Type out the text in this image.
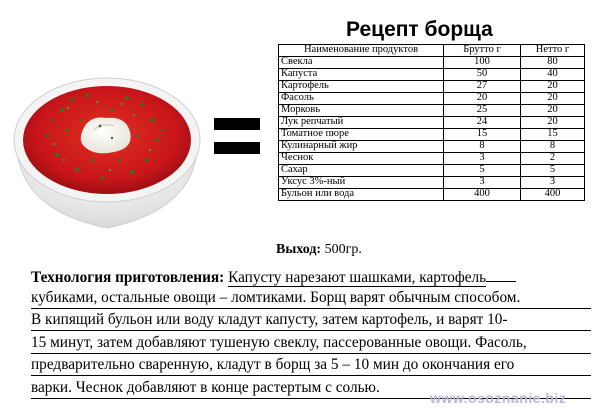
Рецепт борща
Наименование продуктов	Брутто г	Нетто г
Свекла	100	80
Капуста	50	40
Картофель	27	20
Фасоль	20	20
Морковь	25	20
Лук репчатый	24	20
Томатное пюре	15	15
Кулинарный жир	8	8
Чеснок	3	2
Сахар	5	5
Уксус 3%-ный	3	3
Бульон или вода	400	400
Выход: 500гр.
Технология приготовления: Капусту нарезают шашками, картофель
кубиками, остальные овощи – ломтиками. Борщ варят обычным способом.
В кипящий бульон или воду кладут капусту, затем картофель, и варят 10-
15 минут, затем добавляют тушеную свеклу, пассерованные овощи. Фасоль,
предварительно сваренную, кладут в борщ за 5 – 10 мин до окончания его
варки. Чеснок добавляют в конце растертым с солью.
www.osoznanie.biz
